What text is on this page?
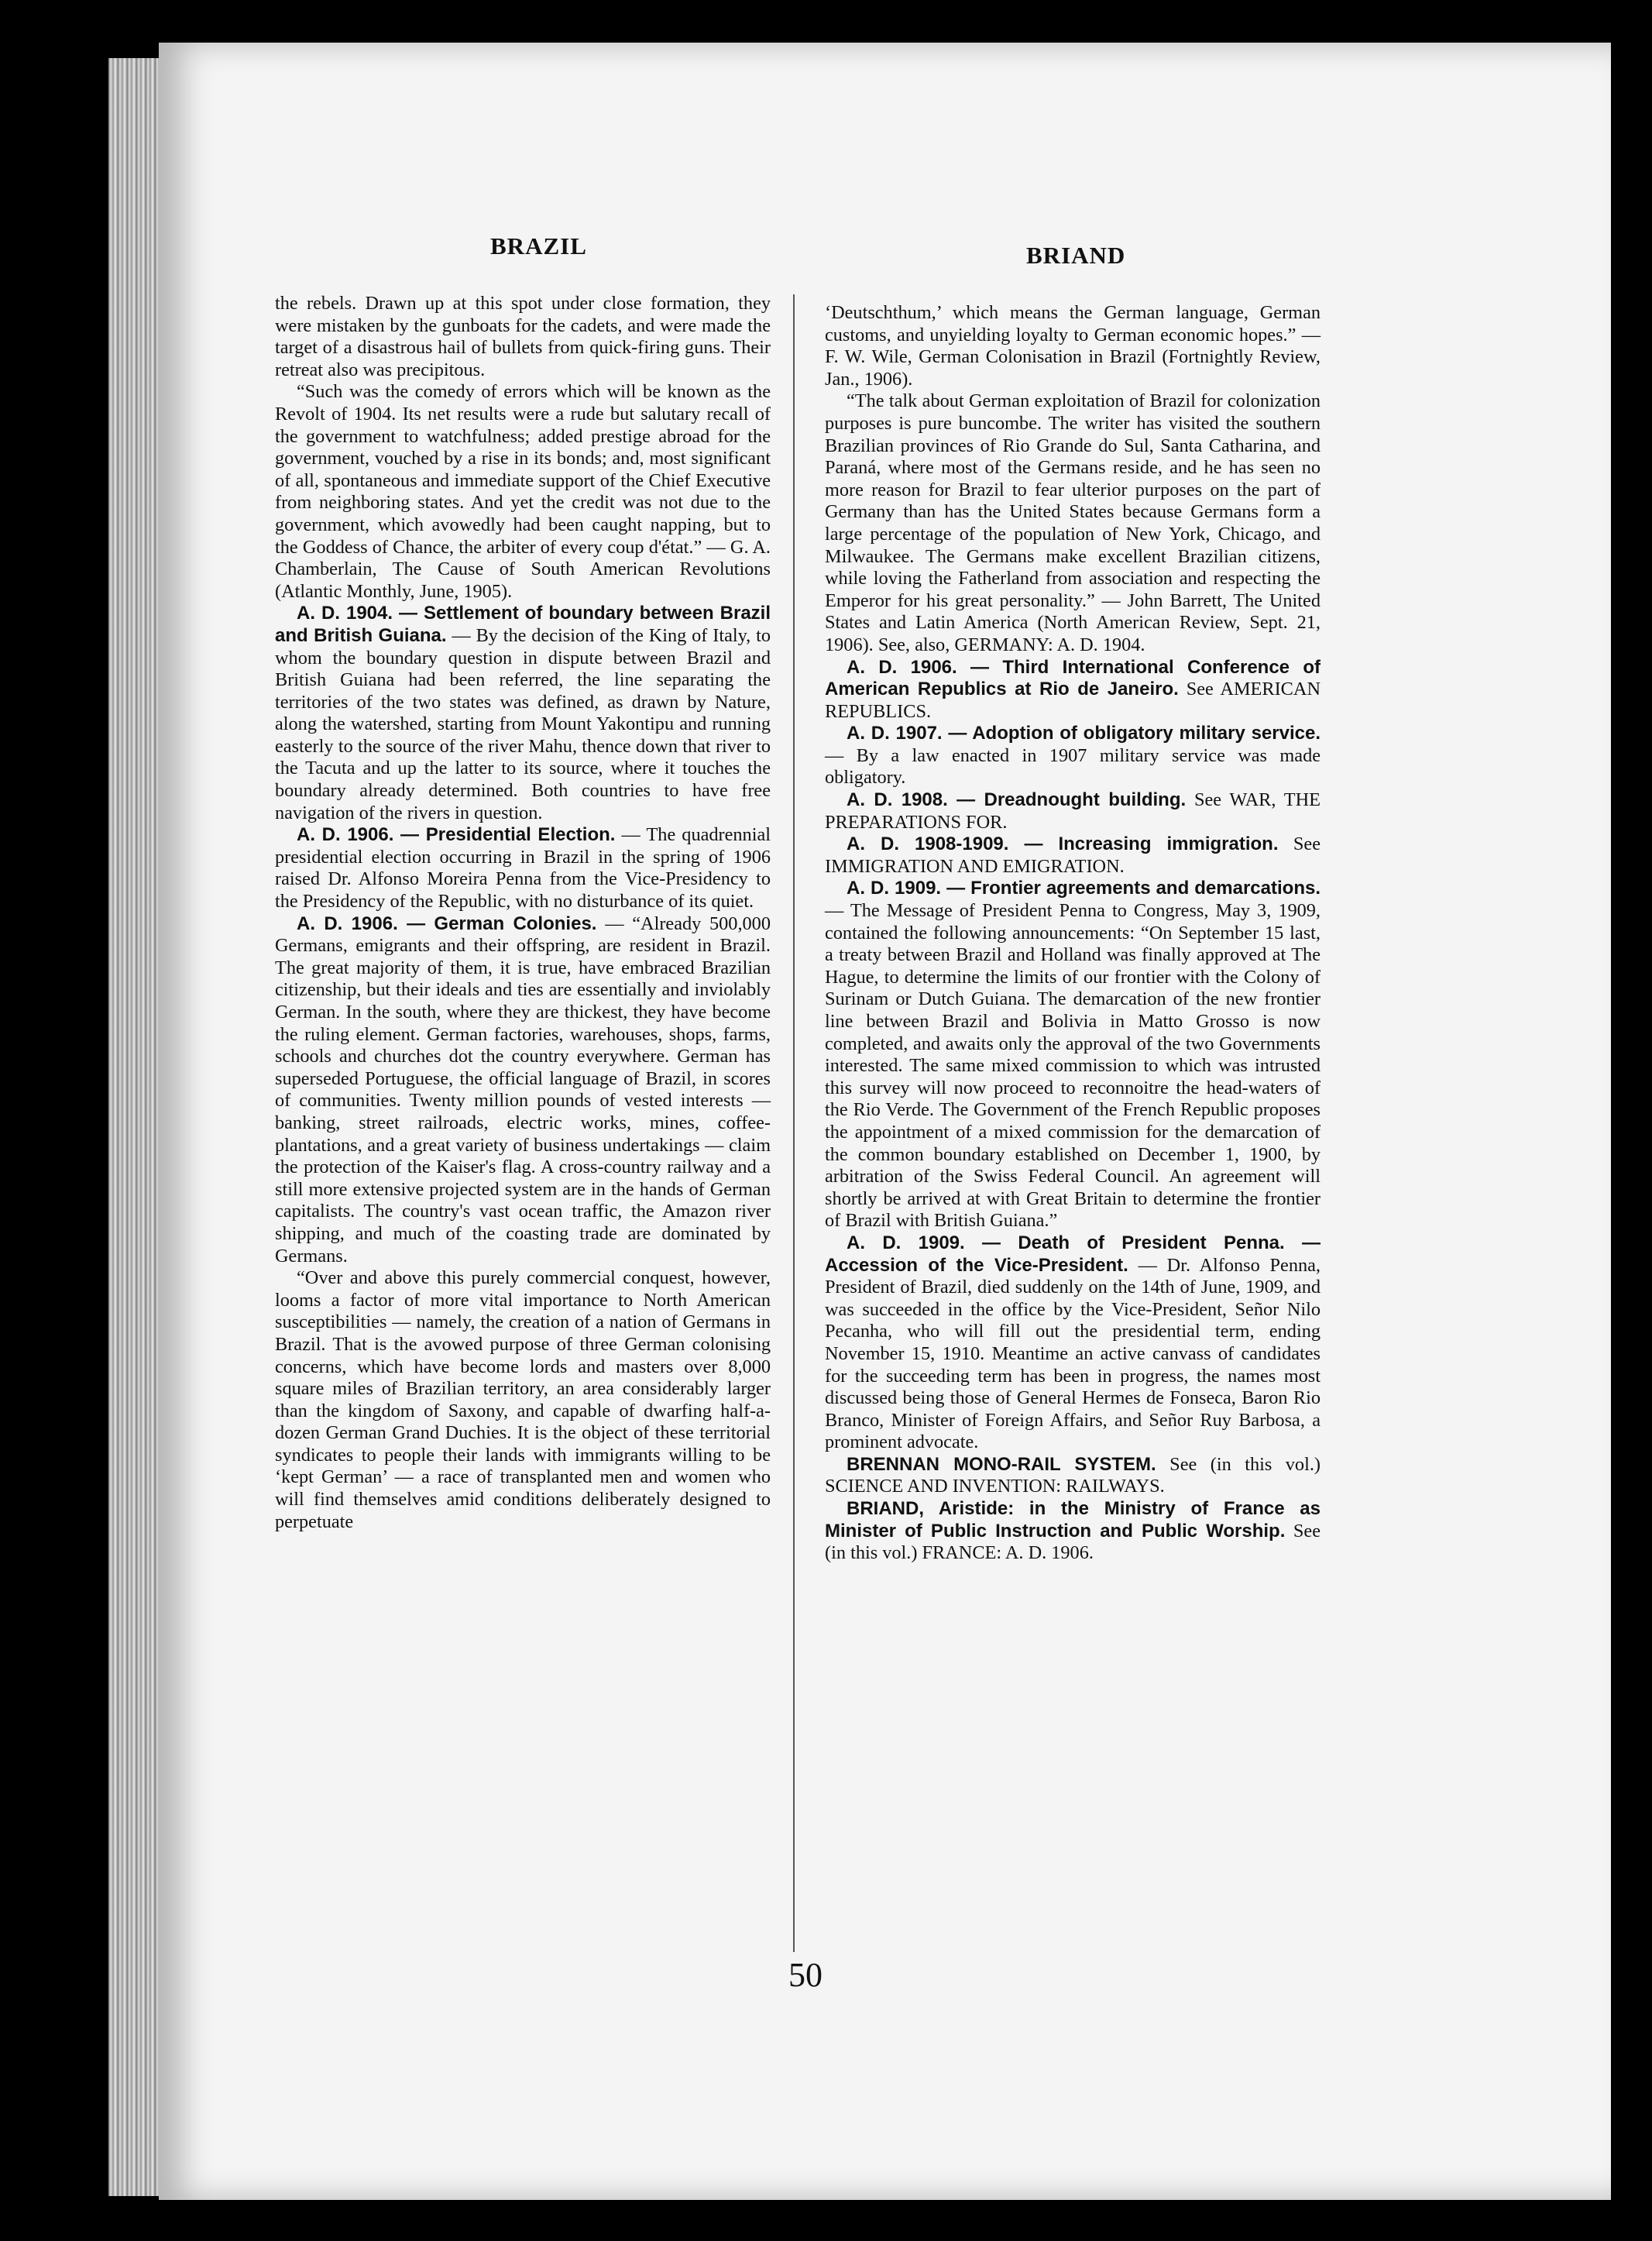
BRAZIL	BRIAND

the rebels. Drawn up at this spot under close formation, they were mistaken by the gunboats for the cadets, and were made the target of a disastrous hail of bullets from quick-firing guns. Their retreat also was precipitous.

“Such was the comedy of errors which will be known as the Revolt of 1904. Its net results were a rude but salutary recall of the government to watchfulness; added prestige abroad for the government, vouched by a rise in its bonds; and, most significant of all, spontaneous and immediate support of the Chief Executive from neighboring states. And yet the credit was not due to the government, which avowedly had been caught napping, but to the Goddess of Chance, the arbiter of every coup d'état.” — G. A. Chamberlain, The Cause of South American Revolutions (Atlantic Monthly, June, 1905).

A. D. 1904. — Settlement of boundary between Brazil and British Guiana. — By the decision of the King of Italy, to whom the boundary question in dispute between Brazil and British Guiana had been referred, the line separating the territories of the two states was defined, as drawn by Nature, along the watershed, starting from Mount Yakontipu and running easterly to the source of the river Mahu, thence down that river to the Tacuta and up the latter to its source, where it touches the boundary already determined. Both countries to have free navigation of the rivers in question.

A. D. 1906. — Presidential Election. — The quadrennial presidential election occurring in Brazil in the spring of 1906 raised Dr. Alfonso Moreira Penna from the Vice-Presidency to the Presidency of the Republic, with no disturbance of its quiet.

A. D. 1906. — German Colonies. — “Already 500,000 Germans, emigrants and their offspring, are resident in Brazil. The great majority of them, it is true, have embraced Brazilian citizenship, but their ideals and ties are essentially and inviolably German. In the south, where they are thickest, they have become the ruling element. German factories, warehouses, shops, farms, schools and churches dot the country everywhere. German has superseded Portuguese, the official language of Brazil, in scores of communities. Twenty million pounds of vested interests — banking, street railroads, electric works, mines, coffee-plantations, and a great variety of business undertakings — claim the protection of the Kaiser's flag. A cross-country railway and a still more extensive projected system are in the hands of German capitalists. The country's vast ocean traffic, the Amazon river shipping, and much of the coasting trade are dominated by Germans.

“Over and above this purely commercial conquest, however, looms a factor of more vital importance to North American susceptibilities — namely, the creation of a nation of Germans in Brazil. That is the avowed purpose of three German colonising concerns, which have become lords and masters over 8,000 square miles of Brazilian territory, an area considerably larger than the kingdom of Saxony, and capable of dwarfing half-a-dozen German Grand Duchies. It is the object of these territorial syndicates to people their lands with immigrants willing to be ‘kept German’ — a race of transplanted men and women who will find themselves amid conditions deliberately designed to perpetuate

‘Deutschthum,’ which means the German language, German customs, and unyielding loyalty to German economic hopes.” — F. W. Wile, German Colonisation in Brazil (Fortnightly Review, Jan., 1906).

“The talk about German exploitation of Brazil for colonization purposes is pure buncombe. The writer has visited the southern Brazilian provinces of Rio Grande do Sul, Santa Catharina, and Paraná, where most of the Germans reside, and he has seen no more reason for Brazil to fear ulterior purposes on the part of Germany than has the United States because Germans form a large percentage of the population of New York, Chicago, and Milwaukee. The Germans make excellent Brazilian citizens, while loving the Fatherland from association and respecting the Emperor for his great personality.” — John Barrett, The United States and Latin America (North American Review, Sept. 21, 1906). See, also, GERMANY: A. D. 1904.

A. D. 1906. — Third International Conference of American Republics at Rio de Janeiro. See AMERICAN REPUBLICS.

A. D. 1907. — Adoption of obligatory military service. — By a law enacted in 1907 military service was made obligatory.

A. D. 1908. — Dreadnought building. See WAR, THE PREPARATIONS FOR.

A. D. 1908-1909. — Increasing immigration. See IMMIGRATION AND EMIGRATION.

A. D. 1909. — Frontier agreements and demarcations. — The Message of President Penna to Congress, May 3, 1909, contained the following announcements: “On September 15 last, a treaty between Brazil and Holland was finally approved at The Hague, to determine the limits of our frontier with the Colony of Surinam or Dutch Guiana. The demarcation of the new frontier line between Brazil and Bolivia in Matto Grosso is now completed, and awaits only the approval of the two Governments interested. The same mixed commission to which was intrusted this survey will now proceed to reconnoitre the head-waters of the Rio Verde. The Government of the French Republic proposes the appointment of a mixed commission for the demarcation of the common boundary established on December 1, 1900, by arbitration of the Swiss Federal Council. An agreement will shortly be arrived at with Great Britain to determine the frontier of Brazil with British Guiana.”

A. D. 1909. — Death of President Penna. — Accession of the Vice-President. — Dr. Alfonso Penna, President of Brazil, died suddenly on the 14th of June, 1909, and was succeeded in the office by the Vice-President, Señor Nilo Pecanha, who will fill out the presidential term, ending November 15, 1910. Meantime an active canvass of candidates for the succeeding term has been in progress, the names most discussed being those of General Hermes de Fonseca, Baron Rio Branco, Minister of Foreign Affairs, and Señor Ruy Barbosa, a prominent advocate.

BRENNAN MONO-RAIL SYSTEM. See (in this vol.) SCIENCE AND INVENTION: RAILWAYS.

BRIAND, Aristide: in the Ministry of France as Minister of Public Instruction and Public Worship. See (in this vol.) FRANCE: A. D. 1906.

50
